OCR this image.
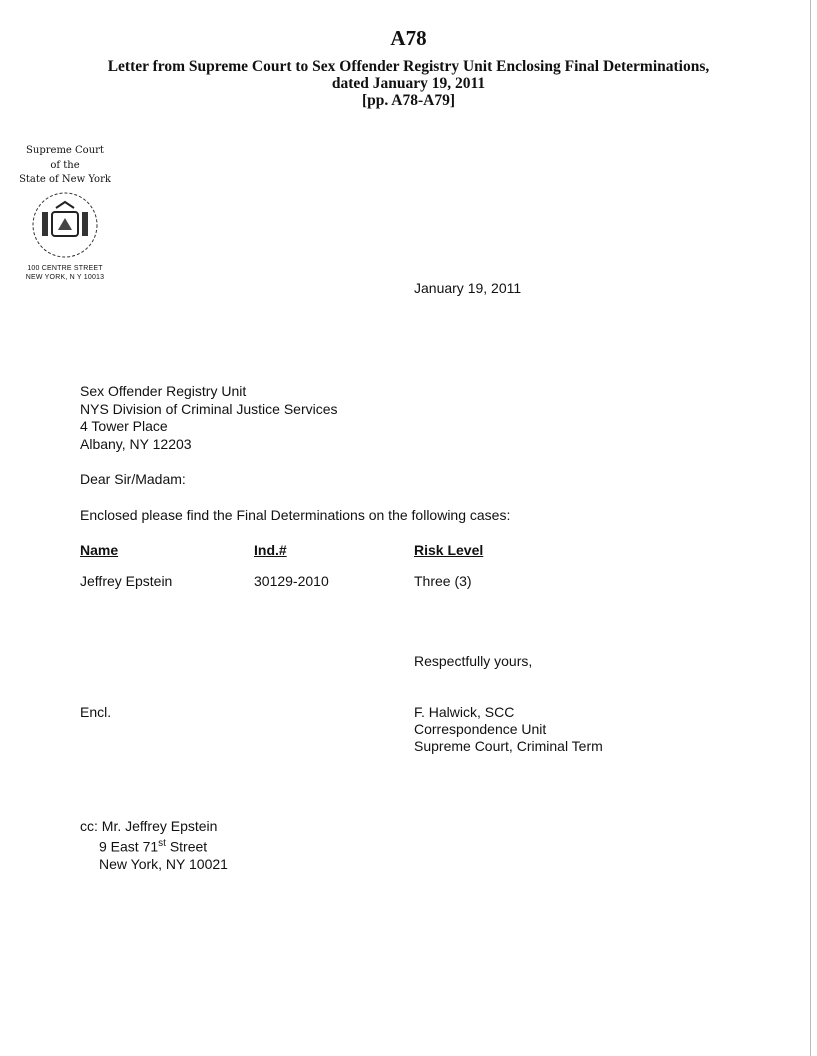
A78
Letter from Supreme Court to Sex Offender Registry Unit Enclosing Final Determinations,
dated January 19, 2011
[pp. A78-A79]
Supreme Court
of the
State of New York
100 CENTRE STREET
NEW YORK, N Y 10013
January 19, 2011
Sex Offender Registry Unit
NYS Division of Criminal Justice Services
4 Tower Place
Albany, NY 12203
Dear Sir/Madam:
Enclosed please find the Final Determinations on the following cases:
Name	Ind.#	Risk Level
Jeffrey Epstein	30129-2010	Three (3)
Respectfully yours,
Encl.	F. Halwick, SCC
Correspondence Unit
Supreme Court, Criminal Term
cc: Mr. Jeffrey Epstein
9 East 71st Street
New York, NY 10021
